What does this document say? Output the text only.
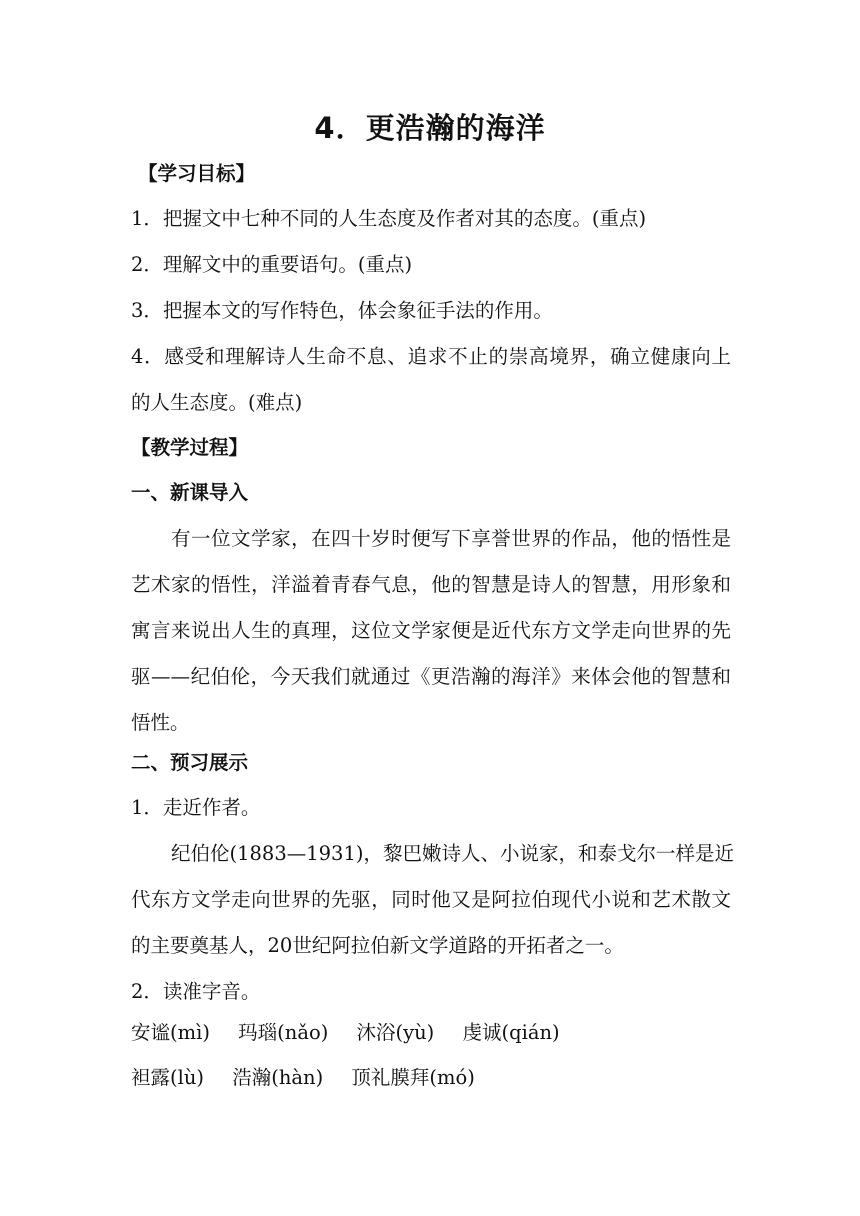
4．更浩瀚的海洋
【学习目标】
1．把握文中七种不同的人生态度及作者对其的态度。(重点)
2．理解文中的重要语句。(重点)
3．把握本文的写作特色，体会象征手法的作用。
4．感受和理解诗人生命不息、追求不止的崇高境界，确立健康向上
的人生态度。(难点)
【教学过程】
一、新课导入
有一位文学家，在四十岁时便写下享誉世界的作品，他的悟性是
艺术家的悟性，洋溢着青春气息，他的智慧是诗人的智慧，用形象和
寓言来说出人生的真理，这位文学家便是近代东方文学走向世界的先
驱——纪伯伦，今天我们就通过《更浩瀚的海洋》来体会他的智慧和
悟性。
二、预习展示
1．走近作者。
纪伯伦(1883—1931)，黎巴嫩诗人、小说家，和泰戈尔一样是近
代东方文学走向世界的先驱，同时他又是阿拉伯现代小说和艺术散文
的主要奠基人，20世纪阿拉伯新文学道路的开拓者之一。
2．读准字音。
安谧(mì) 玛瑙(nǎo) 沐浴(yù) 虔诚(qián)
袒露(lù) 浩瀚(hàn) 顶礼膜拜(mó)
